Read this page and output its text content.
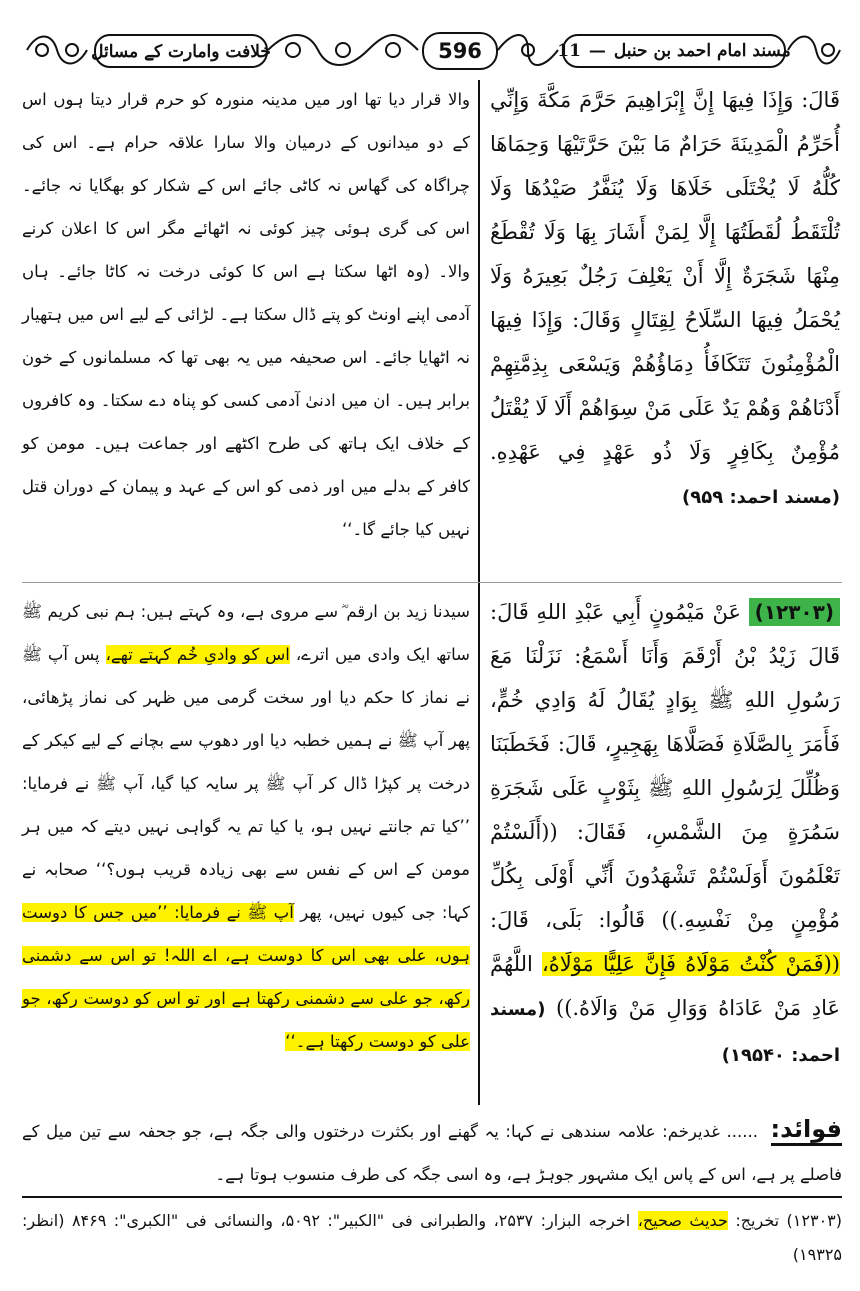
خلافت وامارت کے مسائل	596	مسند امام احمد بن حنبل
—
11
قَالَ: وَإِذَا فِيهَا إِنَّ إِبْرَاهِيمَ حَرَّمَ مَكَّةَ وَإِنِّي أُحَرِّمُ الْمَدِينَةَ حَرَامٌ مَا بَيْنَ حَرَّتَيْهَا وَحِمَاهَا كُلُّهُ لَا يُخْتَلَى خَلَاهَا وَلَا يُنَفَّرُ صَيْدُهَا وَلَا تُلْتَقَطُ لُقَطَتُهَا إِلَّا لِمَنْ أَشَارَ بِهَا وَلَا تُقْطَعُ مِنْهَا شَجَرَةٌ إِلَّا أَنْ يَعْلِفَ رَجُلٌ بَعِيرَهُ وَلَا يُحْمَلُ فِيهَا السِّلَاحُ لِقِتَالٍ وَقَالَ: وَإِذَا فِيهَا الْمُؤْمِنُونَ تَتَكَافَأُ دِمَاؤُهُمْ وَيَسْعَى بِذِمَّتِهِمْ أَدْنَاهُمْ وَهُمْ يَدٌ عَلَى مَنْ سِوَاهُمْ أَلَا لَا يُقْتَلُ مُؤْمِنٌ بِكَافِرٍ وَلَا ذُو عَهْدٍ فِي عَهْدِهِ. (مسند احمد: ۹۵۹)
والا قرار دیا تھا اور میں مدینہ منورہ کو حرم قرار دیتا ہوں اس کے دو میدانوں کے درمیان والا سارا علاقہ حرام ہے۔ اس کی چراگاہ کی گھاس نہ کاٹی جائے اس کے شکار کو بھگایا نہ جائے۔ اس کی گری ہوئی چیز کوئی نہ اٹھائے مگر اس کا اعلان کرنے والا۔ (وہ اٹھا سکتا ہے اس کا کوئی درخت نہ کاٹا جائے۔ ہاں آدمی اپنے اونٹ کو پتے ڈال سکتا ہے۔ لڑائی کے لیے اس میں ہتھیار نہ اٹھایا جائے۔ اس صحیفہ میں یہ بھی تھا کہ مسلمانوں کے خون برابر ہیں۔ ان میں ادنیٰ آدمی کسی کو پناہ دے سکتا۔ وہ کافروں کے خلاف ایک ہاتھ کی طرح اکٹھے اور جماعت ہیں۔ مومن کو کافر کے بدلے میں اور ذمی کو اس کے عہد و پیمان کے دوران قتل نہیں کیا جائے گا۔‘‘
(۱۲۳۰۳) عَنْ مَيْمُونٍ أَبِي عَبْدِ اللهِ قَالَ: قَالَ زَيْدُ بْنُ أَرْقَمَ وَأَنَا أَسْمَعُ: نَزَلْنَا مَعَ رَسُولِ اللهِ ﷺ بِوَادٍ يُقَالُ لَهُ وَادِي خُمٍّ، فَأَمَرَ بِالصَّلَاةِ فَصَلَّاهَا بِهَجِيرٍ، قَالَ: فَخَطَبَنَا وَظُلِّلَ لِرَسُولِ اللهِ ﷺ بِثَوْبٍ عَلَى شَجَرَةِ سَمُرَةٍ مِنَ الشَّمْسِ، فَقَالَ: ((أَلَسْتُمْ تَعْلَمُونَ أَوَلَسْتُمْ تَشْهَدُونَ أَنِّي أَوْلَى بِكُلِّ مُؤْمِنٍ مِنْ نَفْسِهِ.)) قَالُوا: بَلَى، قَالَ: ((فَمَنْ كُنْتُ مَوْلَاهُ فَإِنَّ عَلِيًّا مَوْلَاهُ، اللَّهُمَّ عَادِ مَنْ عَادَاهُ وَوَالِ مَنْ وَالَاهُ.)) (مسند احمد: ۱۹۵۴۰)
سیدنا زید بن ارقم ؓ سے مروی ہے، وہ کہتے ہیں: ہم نبی کریم ﷺ ساتھ ایک وادی میں اترے، اس کو وادیِ خُم کہتے تھے، پس آپ ﷺ نے نماز کا حکم دیا اور سخت گرمی میں ظہر کی نماز پڑھائی، پھر آپ ﷺ نے ہمیں خطبہ دیا اور دھوپ سے بچانے کے لیے کیکر کے درخت پر کپڑا ڈال کر آپ ﷺ پر سایہ کیا گیا، آپ ﷺ نے فرمایا: ’’کیا تم جانتے نہیں ہو، یا کیا تم یہ گواہی نہیں دیتے کہ میں ہر مومن کے اس کے نفس سے بھی زیادہ قریب ہوں؟‘‘ صحابہ نے کہا: جی کیوں نہیں، پھر آپ ﷺ نے فرمایا: ’’میں جس کا دوست ہوں، علی بھی اس کا دوست ہے، اے اللہ! تو اس سے دشمنی رکھ، جو علی سے دشمنی رکھتا ہے اور تو اس کو دوست رکھ، جو علی کو دوست رکھتا ہے۔‘‘
فوائد: ...... غدیرخم: علامہ سندھی نے کہا: یہ گھنے اور بکثرت درختوں والی جگہ ہے، جو جحفہ سے تین میل کے فاصلے پر ہے، اس کے پاس ایک مشہور جوہڑ ہے، وہ اسی جگہ کی طرف منسوب ہوتا ہے۔
(۱۲۳۰۳) تخریج: حدیث صحیح، اخرجه البزار: ۲۵۳۷، والطبرانی فی "الکبیر": ۵۰۹۲، والنسائی فی "الکبری": ۸۴۶۹ (انظر: ۱۹۳۲۵)
